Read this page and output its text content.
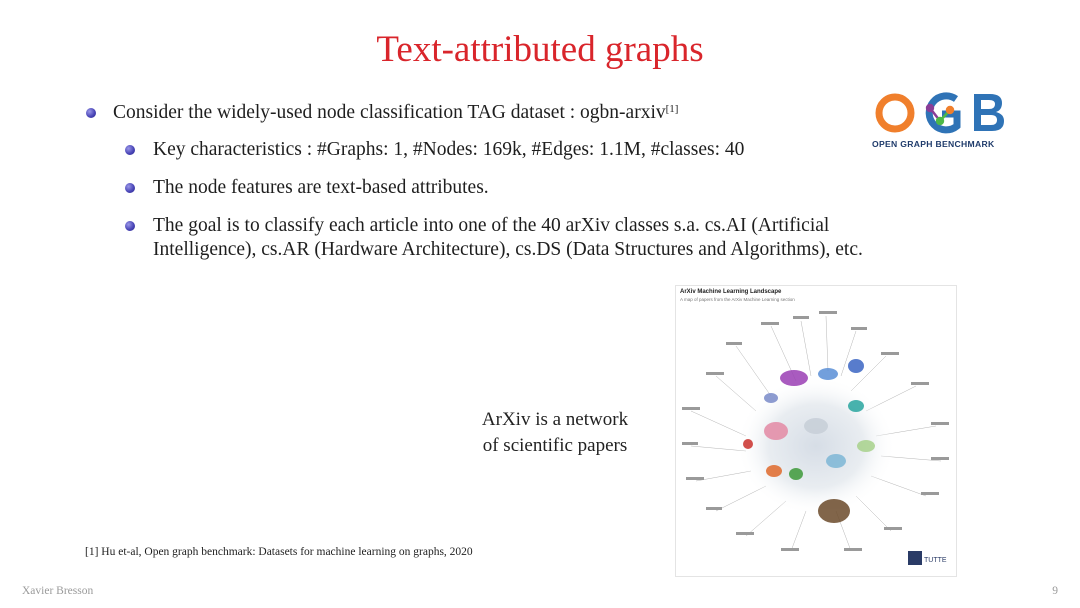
Text-attributed graphs
Consider the widely-used node classification TAG dataset : ogbn-arxiv[1]
Key characteristics : #Graphs: 1, #Nodes: 169k, #Edges: 1.1M, #classes: 40
The node features are text-based attributes.
The goal is to classify each article into one of the 40 arXiv classes s.a. cs.AI (Artificial
Intelligence), cs.AR (Hardware Architecture), cs.DS (Data Structures and Algorithms), etc.
OPEN GRAPH BENCHMARK
ArXiv is a network
of scientific papers
ArXiv Machine Learning Landscape
A map of papers from the ArXiv Machine Learning section
TUTTE
[1] Hu et-al, Open graph benchmark: Datasets for machine learning on graphs, 2020
Xavier Bresson	9
